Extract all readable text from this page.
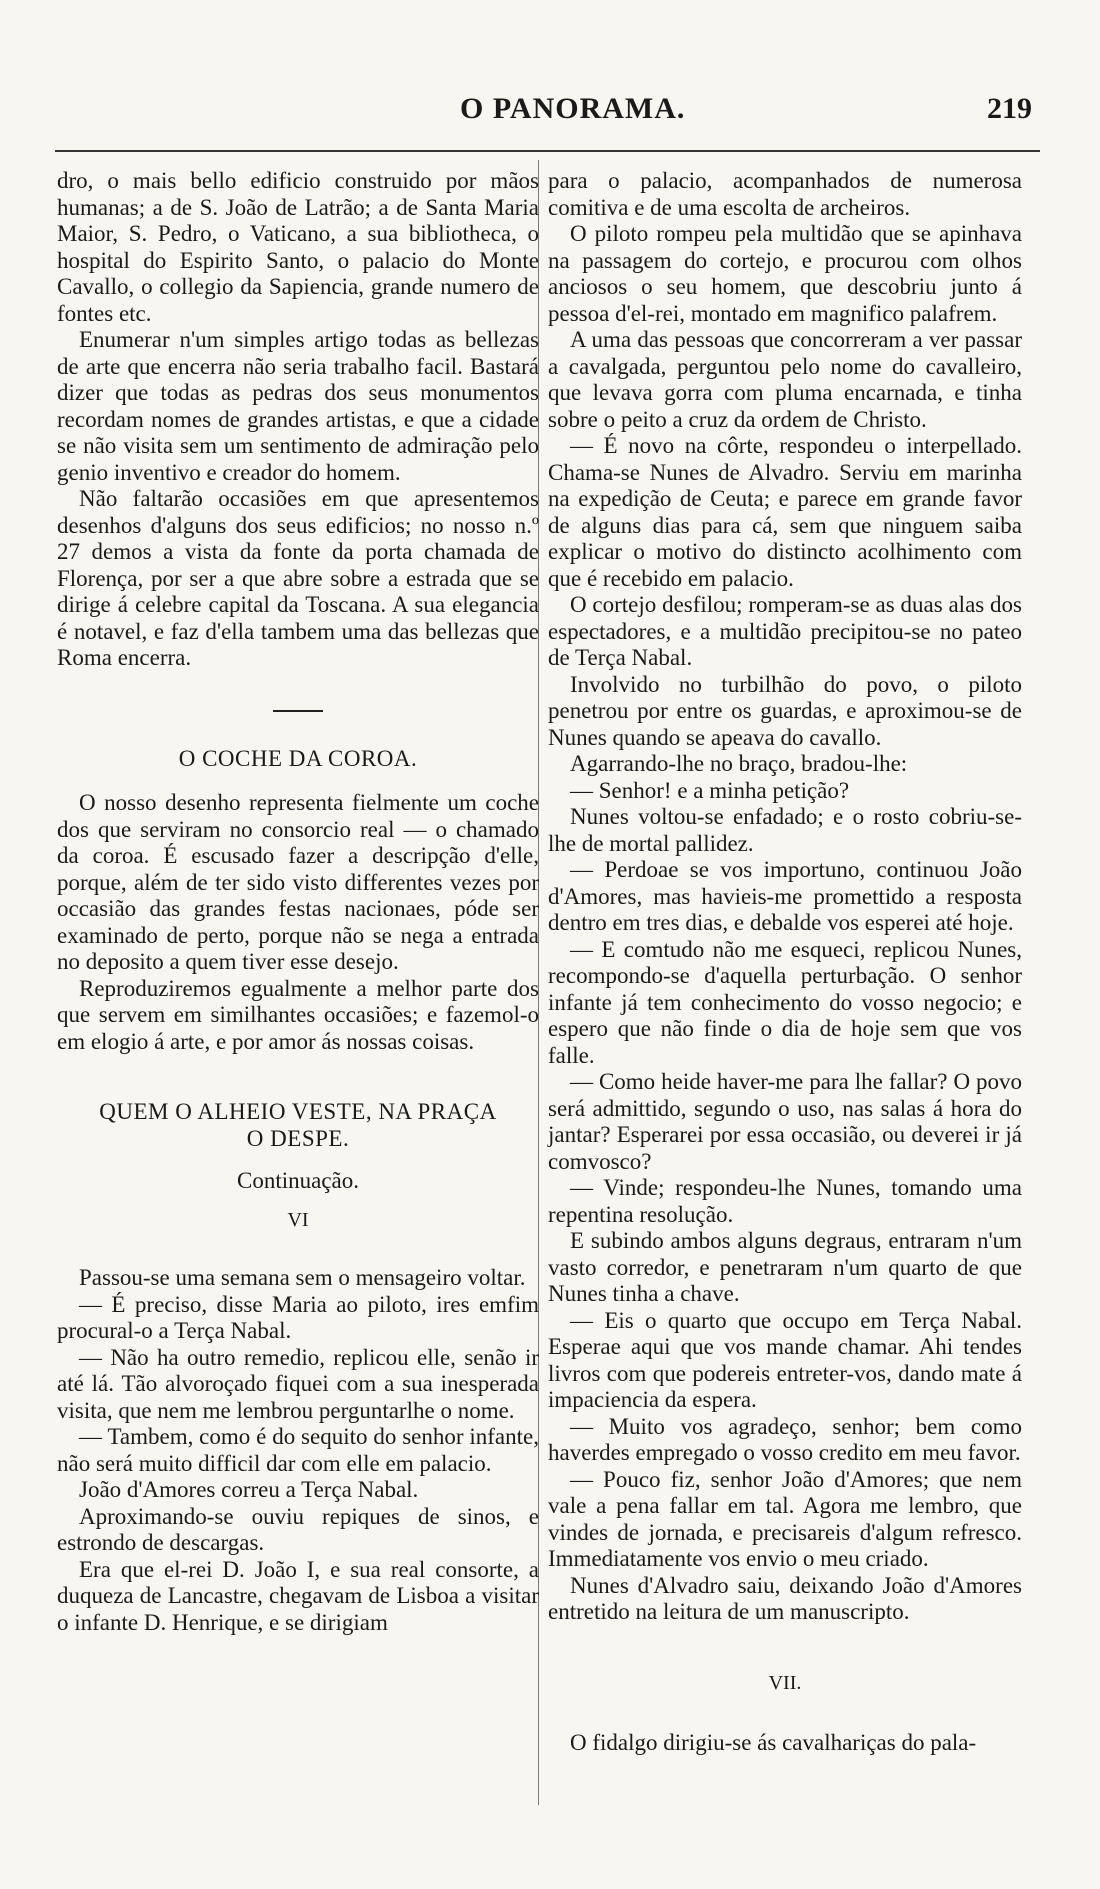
O PANORAMA.	219

dro, o mais bello edificio construido por mãos humanas; a de S. João de Latrão; a de Santa Maria Maior, S. Pedro, o Vaticano, a sua bibliotheca, o hospital do Espirito Santo, o palacio do Monte Cavallo, o collegio da Sapiencia, grande numero de fontes etc.

Enumerar n'um simples artigo todas as bellezas de arte que encerra não seria trabalho facil. Bastará dizer que todas as pedras dos seus monumentos recordam nomes de grandes artistas, e que a cidade se não visita sem um sentimento de admiração pelo genio inventivo e creador do homem.

Não faltarão occasiões em que apresentemos desenhos d'alguns dos seus edificios; no nosso n.º 27 demos a vista da fonte da porta chamada de Florença, por ser a que abre sobre a estrada que se dirige á celebre capital da Toscana. A sua elegancia é notavel, e faz d'ella tambem uma das bellezas que Roma encerra.

O COCHE DA COROA.

O nosso desenho representa fielmente um coche dos que serviram no consorcio real — o chamado da coroa. É escusado fazer a descripção d'elle, porque, além de ter sido visto differentes vezes por occasião das grandes festas nacionaes, póde ser examinado de perto, porque não se nega a entrada no deposito a quem tiver esse desejo.

Reproduziremos egualmente a melhor parte dos que servem em similhantes occasiões; e fazemol-o em elogio á arte, e por amor ás nossas coisas.

QUEM O ALHEIO VESTE, NA PRAÇA
O DESPE.

Continuação.

VI

Passou-se uma semana sem o mensageiro voltar.

— É preciso, disse Maria ao piloto, ires emfim procural-o a Terça Nabal.

— Não ha outro remedio, replicou elle, senão ir até lá. Tão alvoroçado fiquei com a sua inesperada visita, que nem me lembrou perguntarlhe o nome.

— Tambem, como é do sequito do senhor infante, não será muito difficil dar com elle em palacio.

João d'Amores correu a Terça Nabal.

Aproximando-se ouviu repiques de sinos, e estrondo de descargas.

Era que el-rei D. João I, e sua real consorte, a duqueza de Lancastre, chegavam de Lisboa a visitar o infante D. Henrique, e se dirigiam

para o palacio, acompanhados de numerosa comitiva e de uma escolta de archeiros.

O piloto rompeu pela multidão que se apinhava na passagem do cortejo, e procurou com olhos anciosos o seu homem, que descobriu junto á pessoa d'el-rei, montado em magnifico palafrem.

A uma das pessoas que concorreram a ver passar a cavalgada, perguntou pelo nome do cavalleiro, que levava gorra com pluma encarnada, e tinha sobre o peito a cruz da ordem de Christo.

— É novo na côrte, respondeu o interpellado. Chama-se Nunes de Alvadro. Serviu em marinha na expedição de Ceuta; e parece em grande favor de alguns dias para cá, sem que ninguem saiba explicar o motivo do distincto acolhimento com que é recebido em palacio.

O cortejo desfilou; romperam-se as duas alas dos espectadores, e a multidão precipitou-se no pateo de Terça Nabal.

Involvido no turbilhão do povo, o piloto penetrou por entre os guardas, e aproximou-se de Nunes quando se apeava do cavallo.

Agarrando-lhe no braço, bradou-lhe:

— Senhor! e a minha petição?

Nunes voltou-se enfadado; e o rosto cobriu-se-lhe de mortal pallidez.

— Perdoae se vos importuno, continuou João d'Amores, mas havieis-me promettido a resposta dentro em tres dias, e debalde vos esperei até hoje.

— E comtudo não me esqueci, replicou Nunes, recompondo-se d'aquella perturbação. O senhor infante já tem conhecimento do vosso negocio; e espero que não finde o dia de hoje sem que vos falle.

— Como heide haver-me para lhe fallar? O povo será admittido, segundo o uso, nas salas á hora do jantar? Esperarei por essa occasião, ou deverei ir já comvosco?

— Vinde; respondeu-lhe Nunes, tomando uma repentina resolução.

E subindo ambos alguns degraus, entraram n'um vasto corredor, e penetraram n'um quarto de que Nunes tinha a chave.

— Eis o quarto que occupo em Terça Nabal. Esperae aqui que vos mande chamar. Ahi tendes livros com que podereis entreter-vos, dando mate á impaciencia da espera.

— Muito vos agradeço, senhor; bem como haverdes empregado o vosso credito em meu favor.

— Pouco fiz, senhor João d'Amores; que nem vale a pena fallar em tal. Agora me lembro, que vindes de jornada, e precisareis d'algum refresco. Immediatamente vos envio o meu criado.

Nunes d'Alvadro saiu, deixando João d'Amores entretido na leitura de um manuscripto.

VII.

O fidalgo dirigiu-se ás cavalhariças do pala-
